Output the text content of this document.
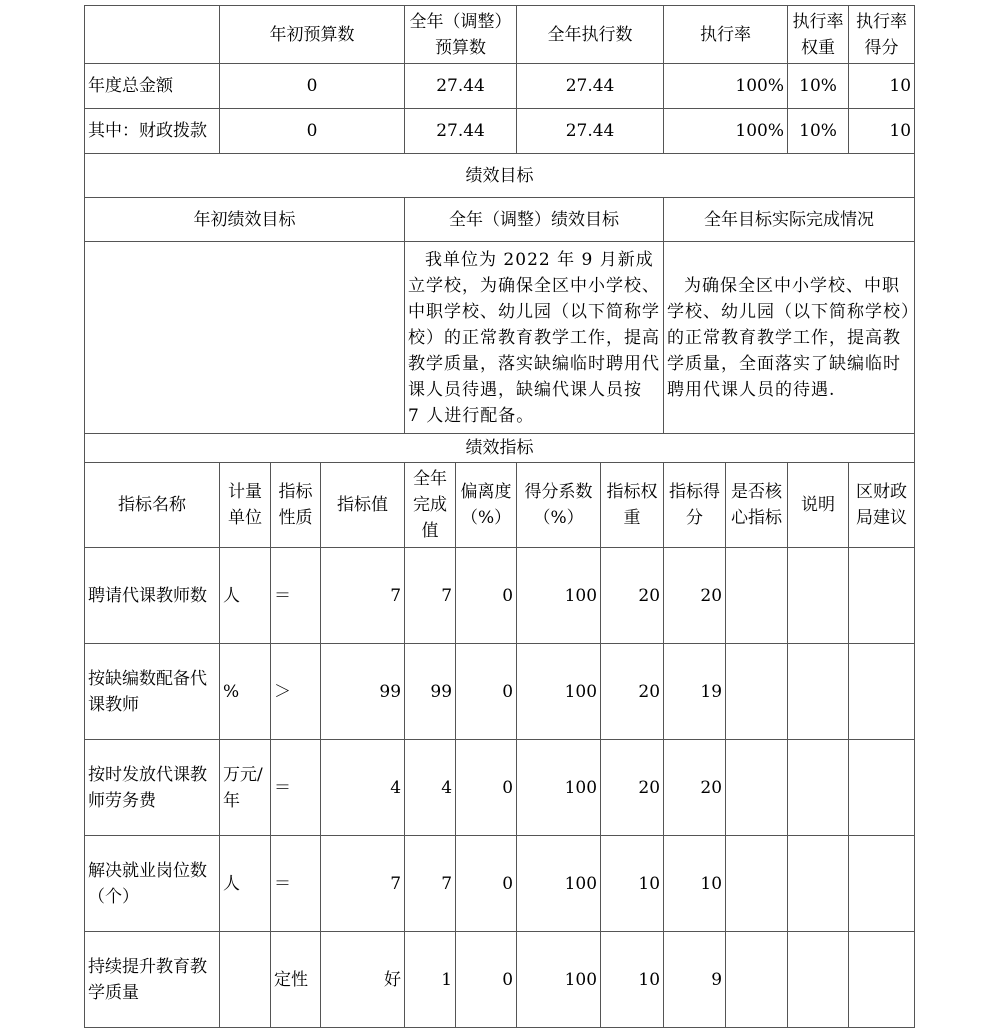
	年初预算数			全年（调整）预算数		全年执行数		执行率		执行率权重	执行率得分
年度总金额	0			27.44		27.44		100%		10%	10
其中：财政拨款	0			27.44		27.44		100%		10%	10
绩效目标											
年初绩效目标				全年（调整）绩效目标				全年目标实际完成情况			
				我单位为 2022 年 9 月新成立学校，为确保全区中小学校、中职学校、幼儿园（以下简称学校）的正常教育教学工作，提高教学质量，落实缺编临时聘用代课人员待遇，缺编代课人员按 7 人进行配备。				为确保全区中小学校、中职学校、幼儿园（以下简称学校）的正常教育教学工作，提高教学质量，全面落实了缺编临时聘用代课人员的待遇.			
绩效指标											
指标名称	计量单位	指标性质	指标值	全年完成值	偏离度（%）	得分系数（%）	指标权重	指标得分	是否核心指标	说明	区财政局建议
聘请代课教师数	人	＝	7	7	0	100	20	20			
按缺编数配备代课教师	%	＞	99	99	0	100	20	19			
按时发放代课教师劳务费	万元/年	＝	4	4	0	100	20	20			
解决就业岗位数（个）	人	＝	7	7	0	100	10	10			
持续提升教育教学质量		定性	好	1	0	100	10	9			
